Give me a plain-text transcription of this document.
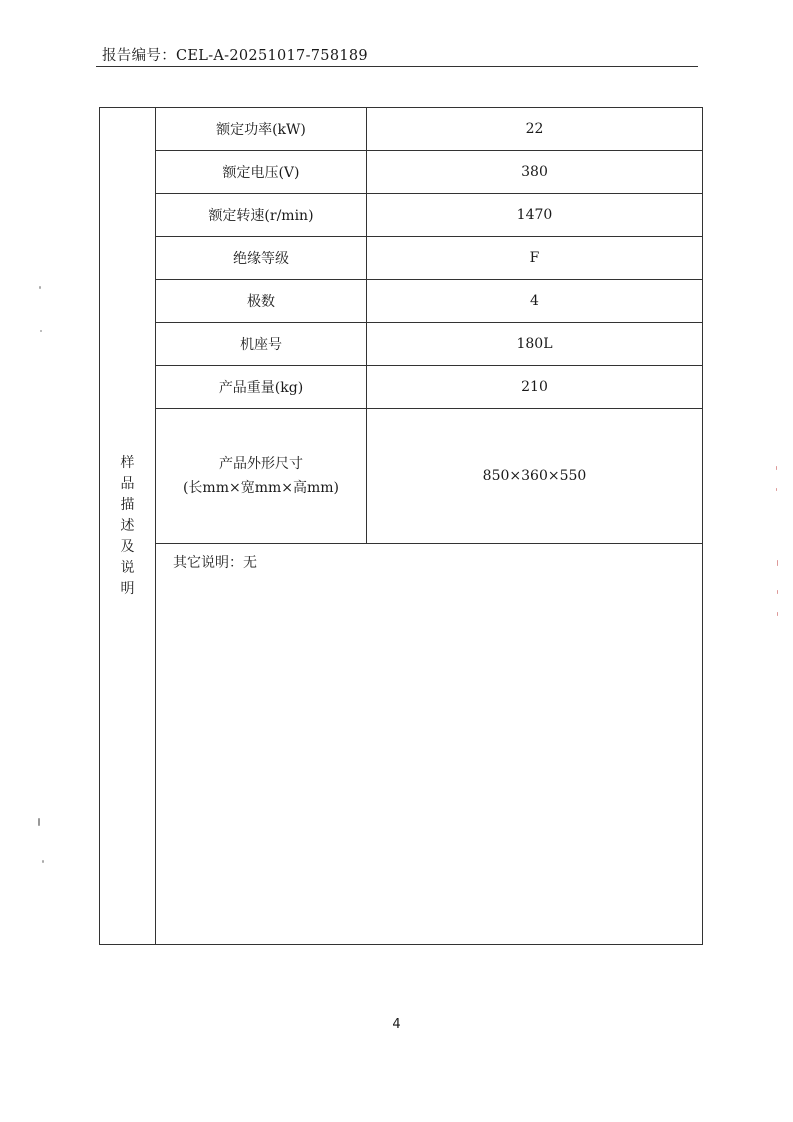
报告编号：CEL-A-20251017-758189
样品描述及说明	额定功率(kW)	22
	额定电压(V)	380
	额定转速(r/min)	1470
	绝缘等级	F
	极数	4
	机座号	180L
	产品重量(kg)	210

	产品外形尺寸
(长mm×宽mm×高mm)	850×360×550
	其它说明：无	
4
